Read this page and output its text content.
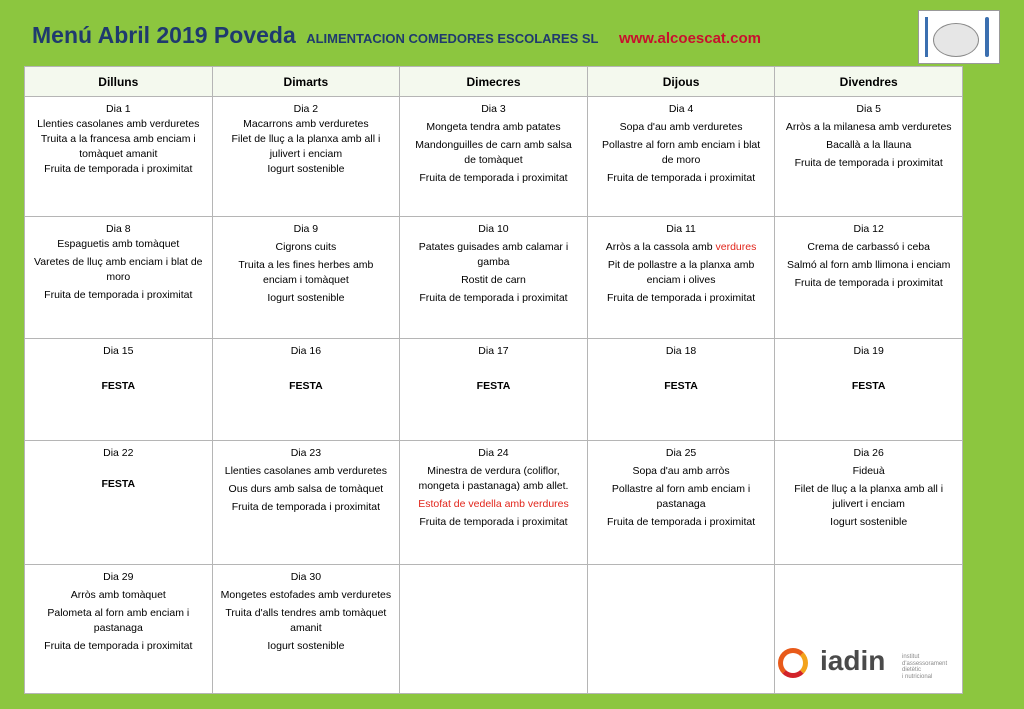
Menú Abril 2019 Poveda ALIMENTACION COMEDORES ESCOLARES SL www.alcoescat.com
Dilluns	Dimarts	Dimecres	Dijous	Divendres

Dia 1
Llenties casolanes amb verduretes
Truita a la francesa amb enciam i tomàquet amanit
Fruita de temporada i proximitat	Dia 2
Macarrons amb verduretes
Filet de lluç a la planxa amb all i julivert i enciam
Iogurt sostenible	Dia 3
Mongeta tendra amb patates
Mandonguilles de carn amb salsa de tomàquet
Fruita de temporada i proximitat	Dia 4
Sopa d'au amb verduretes
Pollastre al forn amb enciam i blat de moro
Fruita de temporada i proximitat	Dia 5
Arròs a la milanesa amb verduretes
Bacallà a la llauna
Fruita de temporada i proximitat

Dia 8
Espaguetis amb tomàquet
Varetes de lluç amb enciam i blat de moro
Fruita de temporada i proximitat	Dia 9
Cigrons cuits
Truita a les fines herbes amb enciam i tomàquet
Iogurt sostenible	Dia 10
Patates guisades amb calamar i gamba
Rostit de carn
Fruita de temporada i proximitat	Dia 11
Arròs a la cassola amb verdures
Pit de pollastre a la planxa amb enciam i olives
Fruita de temporada i proximitat	Dia 12
Crema de carbassó i ceba
Salmó al forn amb llimona i enciam
Fruita de temporada i proximitat

Dia 15
FESTA	Dia 16
FESTA	Dia 17
FESTA	Dia 18
FESTA	Dia 19
FESTA

Dia 22
FESTA	Dia 23
Llenties casolanes amb verduretes
Ous durs amb salsa de tomàquet
Fruita de temporada i proximitat	Dia 24
Minestra de verdura (coliflor, mongeta i pastanaga) amb allet.
Estofat de vedella amb verdures
Fruita de temporada i proximitat	Dia 25
Sopa d'au amb arròs
Pollastre al forn amb enciam i pastanaga
Fruita de temporada i proximitat	Dia 26
Fideuà
Filet de lluç a la planxa amb all i julivert i enciam
Iogurt sostenible

Dia 29
Arròs amb tomàquet
Palometa al forn amb enciam i pastanaga
Fruita de temporada i proximitat	Dia 30
Mongetes estofades amb verduretes
Truita d'alls tendres amb tomàquet amanit
Iogurt sostenible			
				iadin	institut
d'assessorament
dietètic
i nutricional
